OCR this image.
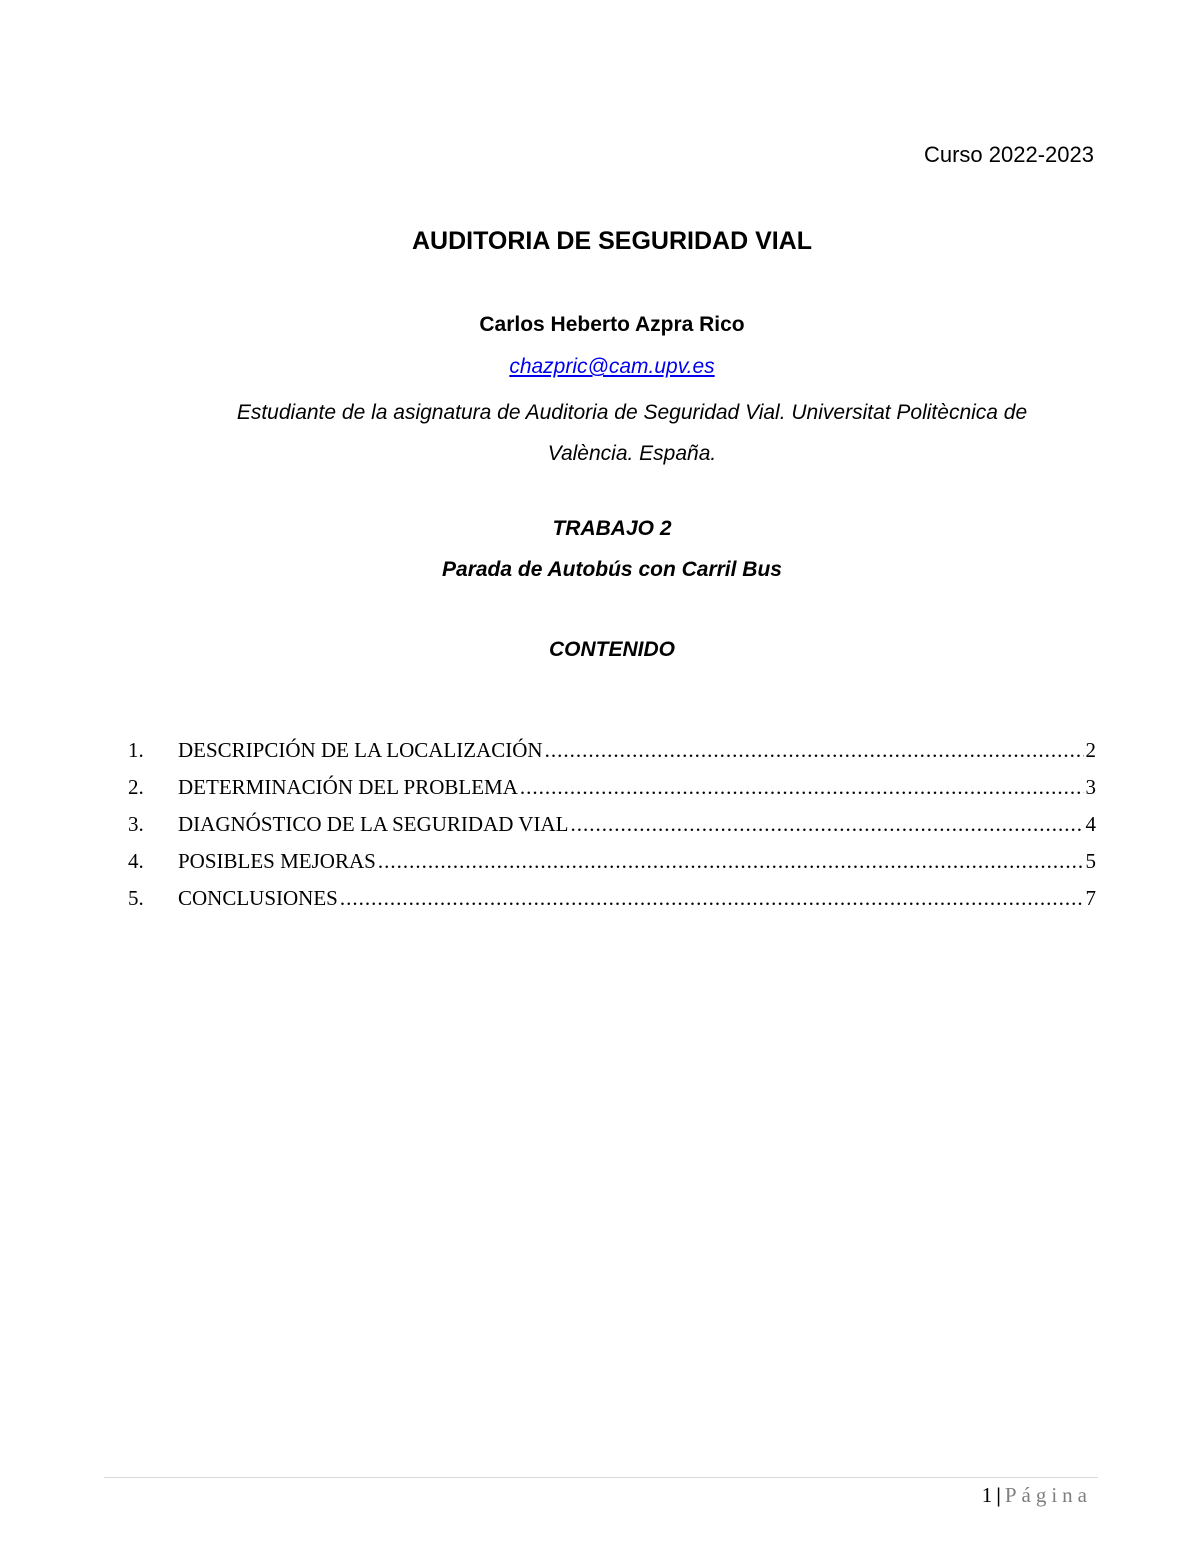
Curso 2022-2023
AUDITORIA DE SEGURIDAD VIAL
Carlos Heberto Azpra Rico
chazpric@cam.upv.es
Estudiante de la asignatura de Auditoria de Seguridad Vial. Universitat Politècnica de
València. España.
TRABAJO 2
Parada de Autobús con Carril Bus
CONTENIDO
1.	DESCRIPCIÓN DE LA LOCALIZACIÓN .....	2
2.	DETERMINACIÓN DEL PROBLEMA .....	3
3.	DIAGNÓSTICO DE LA SEGURIDAD VIAL .....	4
4.	POSIBLES MEJORAS .....	5
5.	CONCLUSIONES .....	7
1 | Página
